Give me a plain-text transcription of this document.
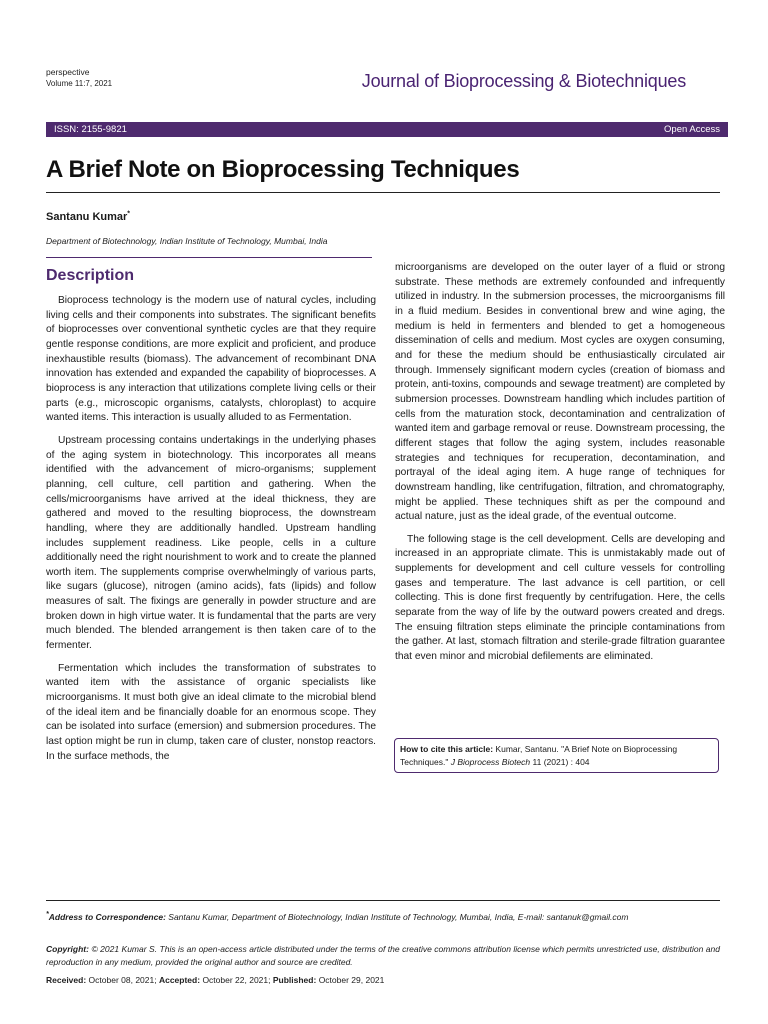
perspective
Volume 11:7, 2021	Journal of Bioprocessing & Biotechniques
ISSN: 2155-9821	Open Access
A Brief Note on Bioprocessing Techniques
Santanu Kumar*
Department of Biotechnology, Indian Institute of Technology, Mumbai, India
Description

Bioprocess technology is the modern use of natural cycles, including living cells and their components into substrates. The significant benefits of bioprocesses over conventional synthetic cycles are that they require gentle response conditions, are more explicit and proficient, and produce inexhaustible results (biomass). The advancement of recombinant DNA innovation has extended and expanded the capability of bioprocesses. A bioprocess is any interaction that utilizations complete living cells or their parts (e.g., microscopic organisms, catalysts, chloroplast) to acquire wanted items. This interaction is usually alluded to as Fermentation.

Upstream processing contains undertakings in the underlying phases of the aging system in biotechnology. This incorporates all means identified with the advancement of micro-organisms; supplement planning, cell culture, cell partition and gathering. When the cells/microorganisms have arrived at the ideal thickness, they are gathered and moved to the resulting bioprocess, the downstream handling, where they are additionally handled. Upstream handling includes supplement readiness. Like people, cells in a culture additionally need the right nourishment to work and to create the planned worth item. The supplements comprise overwhelmingly of various parts, like sugars (glucose), nitrogen (amino acids), fats (lipids) and follow measures of salt. The fixings are generally in powder structure and are broken down in high virtue water. It is fundamental that the parts are very much blended. The blended arrangement is then taken care of to the fermenter.

Fermentation which includes the transformation of substrates to wanted item with the assistance of organic specialists like microorganisms. It must both give an ideal climate to the microbial blend of the ideal item and be financially doable for an enormous scope. They can be isolated into surface (emersion) and submersion procedures. The last option might be run in clump, taken care of cluster, nonstop reactors. In the surface methods, the

microorganisms are developed on the outer layer of a fluid or strong substrate. These methods are extremely confounded and infrequently utilized in industry. In the submersion processes, the microorganisms fill in a fluid medium. Besides in conventional brew and wine aging, the medium is held in fermenters and blended to get a homogeneous dissemination of cells and medium. Most cycles are oxygen consuming, and for these the medium should be enthusiastically circulated air through. Immensely significant modern cycles (creation of biomass and protein, anti-toxins, compounds and sewage treatment) are completed by submersion processes. Downstream handling which includes partition of cells from the maturation stock, decontamination and centralization of wanted item and garbage removal or reuse. Downstream processing, the different stages that follow the aging system, includes reasonable strategies and techniques for recuperation, decontamination, and portrayal of the ideal aging item. A huge range of techniques for downstream handling, like centrifugation, filtration, and chromatography, might be applied. These techniques shift as per the compound and actual nature, just as the ideal grade, of the eventual outcome.

The following stage is the cell development. Cells are developing and increased in an appropriate climate. This is unmistakably made out of supplements for development and cell culture vessels for controlling gases and temperature. The last advance is cell partition, or cell collecting. This is done first frequently by centrifugation. Here, the cells separate from the way of life by the outward powers created and dregs. The ensuing filtration steps eliminate the principle contaminations from the gather. At last, stomach filtration and sterile-grade filtration guarantee that even minor and microbial defilements are eliminated.

How to cite this article: Kumar, Santanu. "A Brief Note on Bioprocessing Techniques." J Bioprocess Biotech 11 (2021) : 404
*Address to Correspondence: Santanu Kumar, Department of Biotechnology, Indian Institute of Technology, Mumbai, India, E-mail: santanuk@gmail.com
Copyright: © 2021 Kumar S. This is an open-access article distributed under the terms of the creative commons attribution license which permits unrestricted use, distribution and reproduction in any medium, provided the original author and source are credited.
Received: October 08, 2021; Accepted: October 22, 2021; Published: October 29, 2021
